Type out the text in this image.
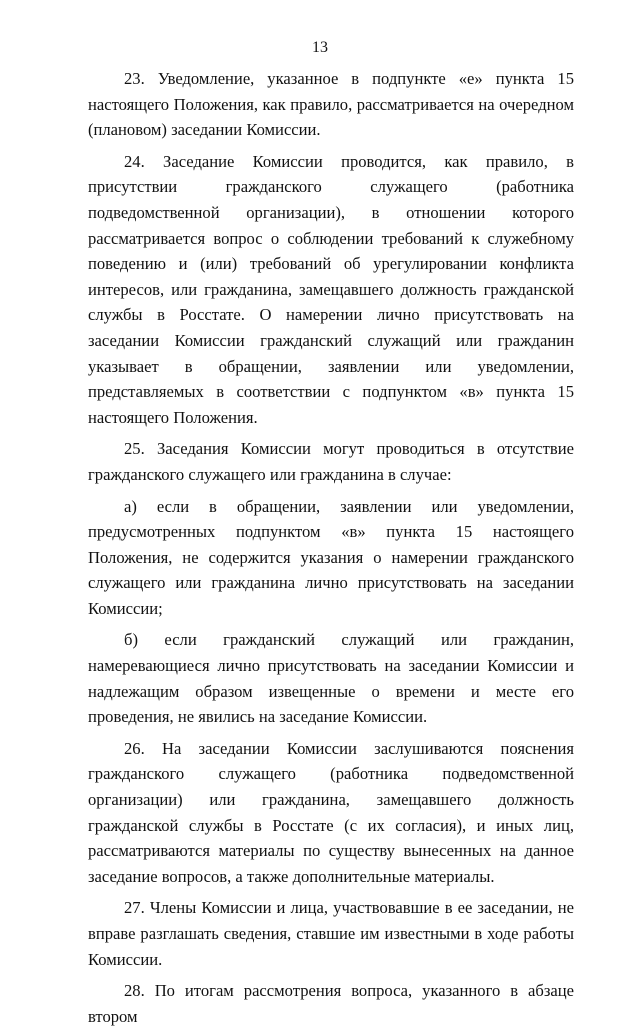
13

23. Уведомление, указанное в подпункте «е» пункта 15 настоящего Положения, как правило, рассматривается на очередном (плановом) заседании Комиссии.

24. Заседание Комиссии проводится, как правило, в присутствии гражданского служащего (работника подведомственной организации), в отношении которого рассматривается вопрос о соблюдении требований к служебному поведению и (или) требований об урегулировании конфликта интересов, или гражданина, замещавшего должность гражданской службы в Росстате. О намерении лично присутствовать на заседании Комиссии гражданский служащий или гражданин указывает в обращении, заявлении или уведомлении, представляемых в соответствии с подпунктом «в» пункта 15 настоящего Положения.

25. Заседания Комиссии могут проводиться в отсутствие гражданского служащего или гражданина в случае:

а) если в обращении, заявлении или уведомлении, предусмотренных подпунктом «в» пункта 15 настоящего Положения, не содержится указания о намерении гражданского служащего или гражданина лично присутствовать на заседании Комиссии;

б) если гражданский служащий или гражданин, намеревающиеся лично присутствовать на заседании Комиссии и надлежащим образом извещенные о времени и месте его проведения, не явились на заседание Комиссии.

26. На заседании Комиссии заслушиваются пояснения гражданского служащего (работника подведомственной организации) или гражданина, замещавшего должность гражданской службы в Росстате (с их согласия), и иных лиц, рассматриваются материалы по существу вынесенных на данное заседание вопросов, а также дополнительные материалы.

27. Члены Комиссии и лица, участвовавшие в ее заседании, не вправе разглашать сведения, ставшие им известными в ходе работы Комиссии.

28. По итогам рассмотрения вопроса, указанного в абзаце втором
